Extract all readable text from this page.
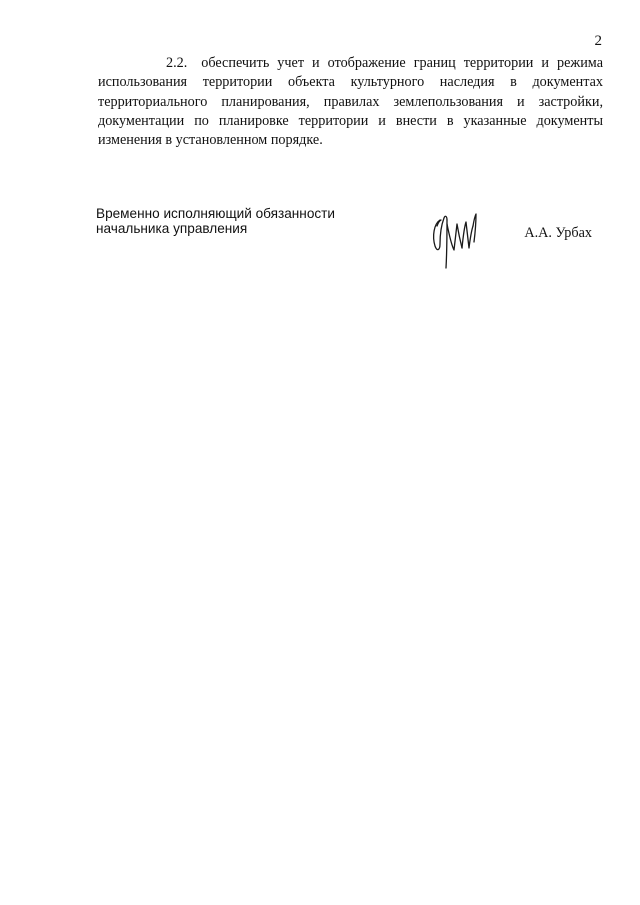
2

2.2. обеспечить учет и отображение границ территории и режима использования территории объекта культурного наследия в документах территориального планирования, правилах землепользования и застройки, документации по планировке территории и внести в указанные документы изменения в установленном порядке.

Временно исполняющий обязанности
начальника управления	А.А. Урбах
